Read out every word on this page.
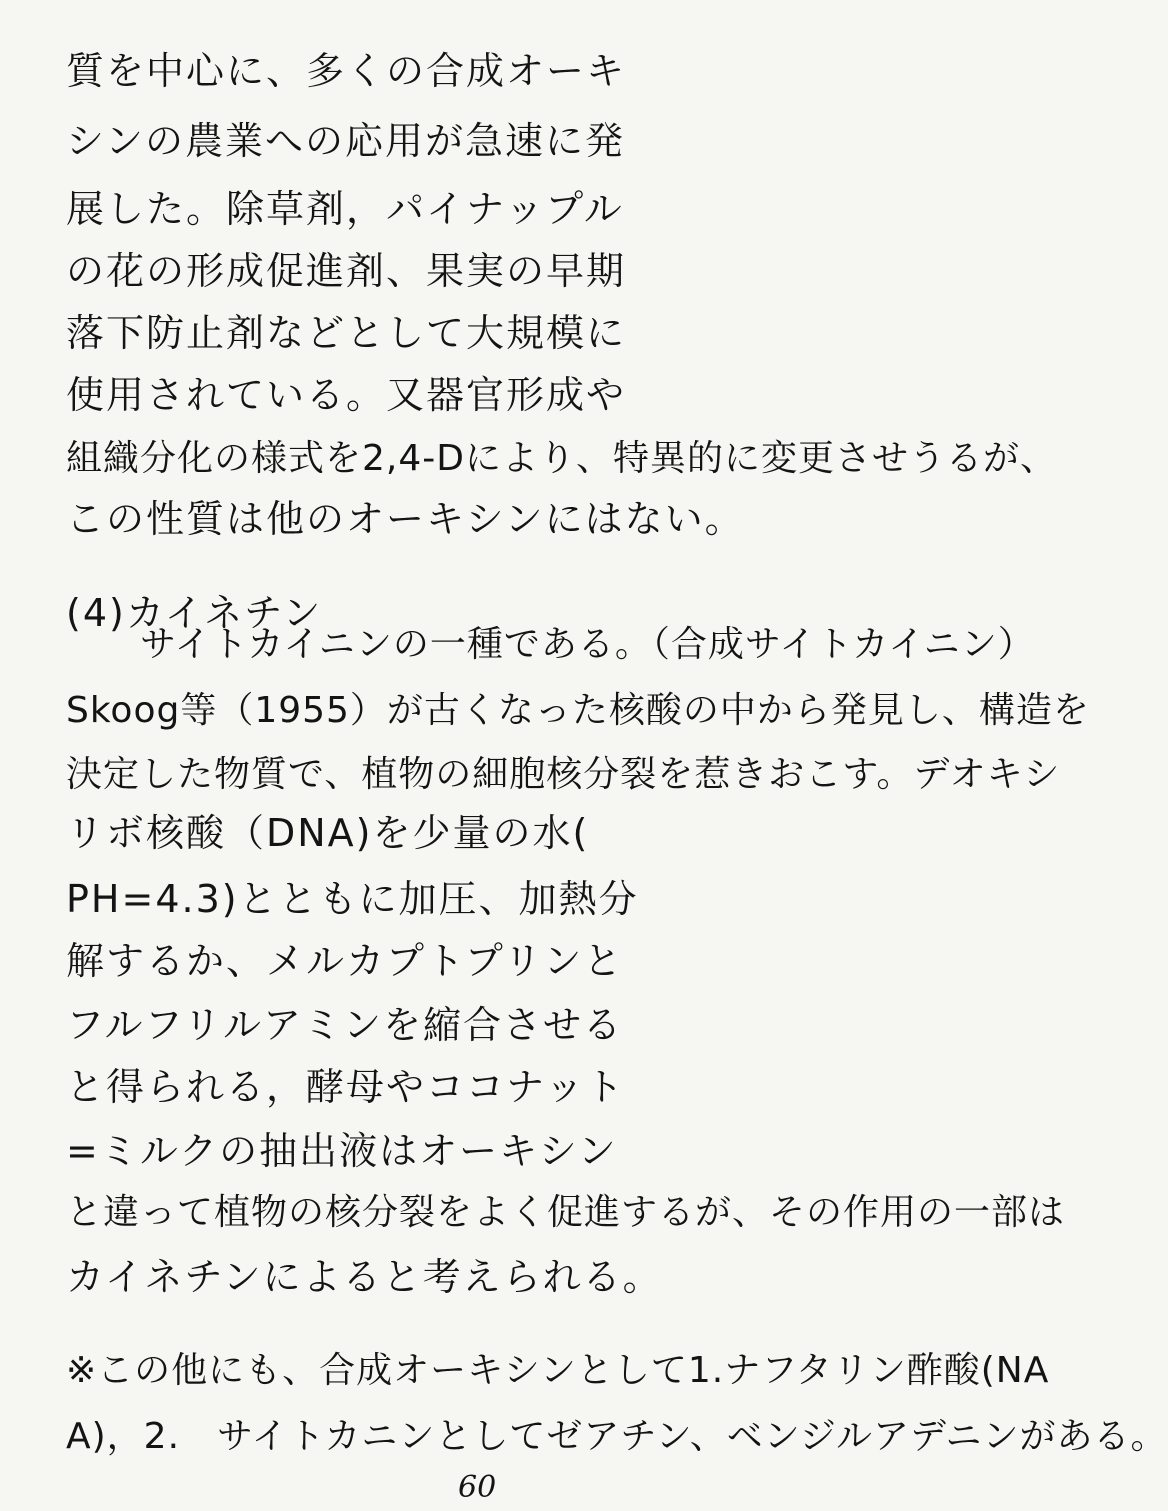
質を中心に、多くの合成オーキ
シンの農業への応用が急速に発
展した。除草剤，パイナップル
の花の形成促進剤、果実の早期
落下防止剤などとして大規模に
使用されている。又器官形成や
組織分化の様式を2,4-Dにより、特異的に変更させうるが、
この性質は他のオーキシンにはない。
(4)カイネチン
サイトカイニンの一種である。（合成サイトカイニン）
Skoog等（1955）が古くなった核酸の中から発見し、構造を
決定した物質で、植物の細胞核分裂を惹きおこす。デオキシ
リボ核酸（DNA)を少量の水(
PH=4.3)とともに加圧、加熱分
解するか、メルカプトプリンと
フルフリルアミンを縮合させる
と得られる，酵母やココナット
=ミルクの抽出液はオーキシン
と違って植物の核分裂をよく促進するが、その作用の一部は
カイネチンによると考えられる。
※この他にも、合成オーキシンとして1.ナフタリン酢酸(NA
A)，2.　サイトカニンとしてゼアチン、ベンジルアデニンがある。
60
